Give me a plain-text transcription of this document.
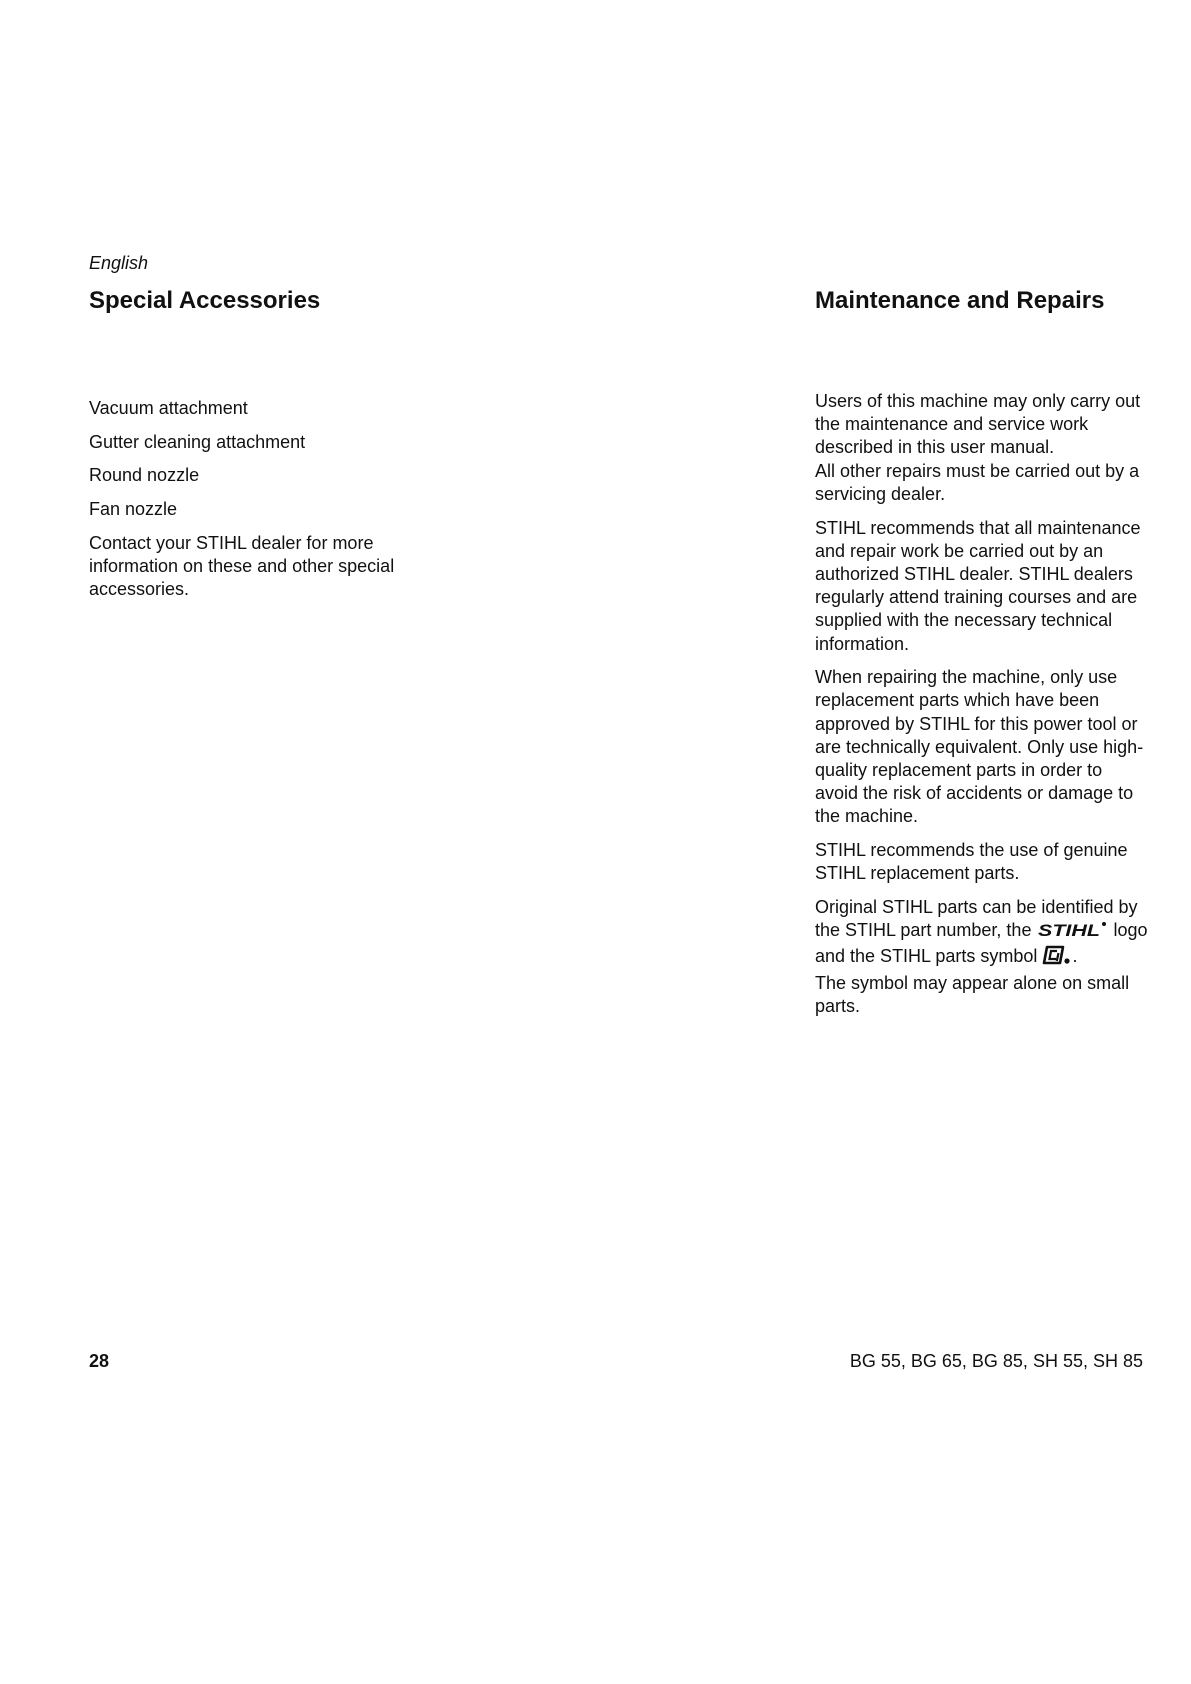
English
Special Accessories	Maintenance and Repairs

Vacuum attachment

Gutter cleaning attachment

Round nozzle

Fan nozzle

Contact your STIHL dealer for more information on these and other special accessories.

Users of this machine may only carry out the maintenance and service work described in this user manual.
All other repairs must be carried out by a servicing dealer.

STIHL recommends that all maintenance and repair work be carried out by an authorized STIHL dealer. STIHL dealers regularly attend training courses and are supplied with the necessary technical information.

When repairing the machine, only use replacement parts which have been approved by STIHL for this power tool or are technically equivalent. Only use high-quality replacement parts in order to avoid the risk of accidents or damage to the machine.

STIHL recommends the use of genuine STIHL replacement parts.

Original STIHL parts can be identified by the STIHL part number, the STIHL logo and the STIHL parts symbol .
The symbol may appear alone on small parts.

28	BG 55, BG 65, BG 85, SH 55, SH 85
